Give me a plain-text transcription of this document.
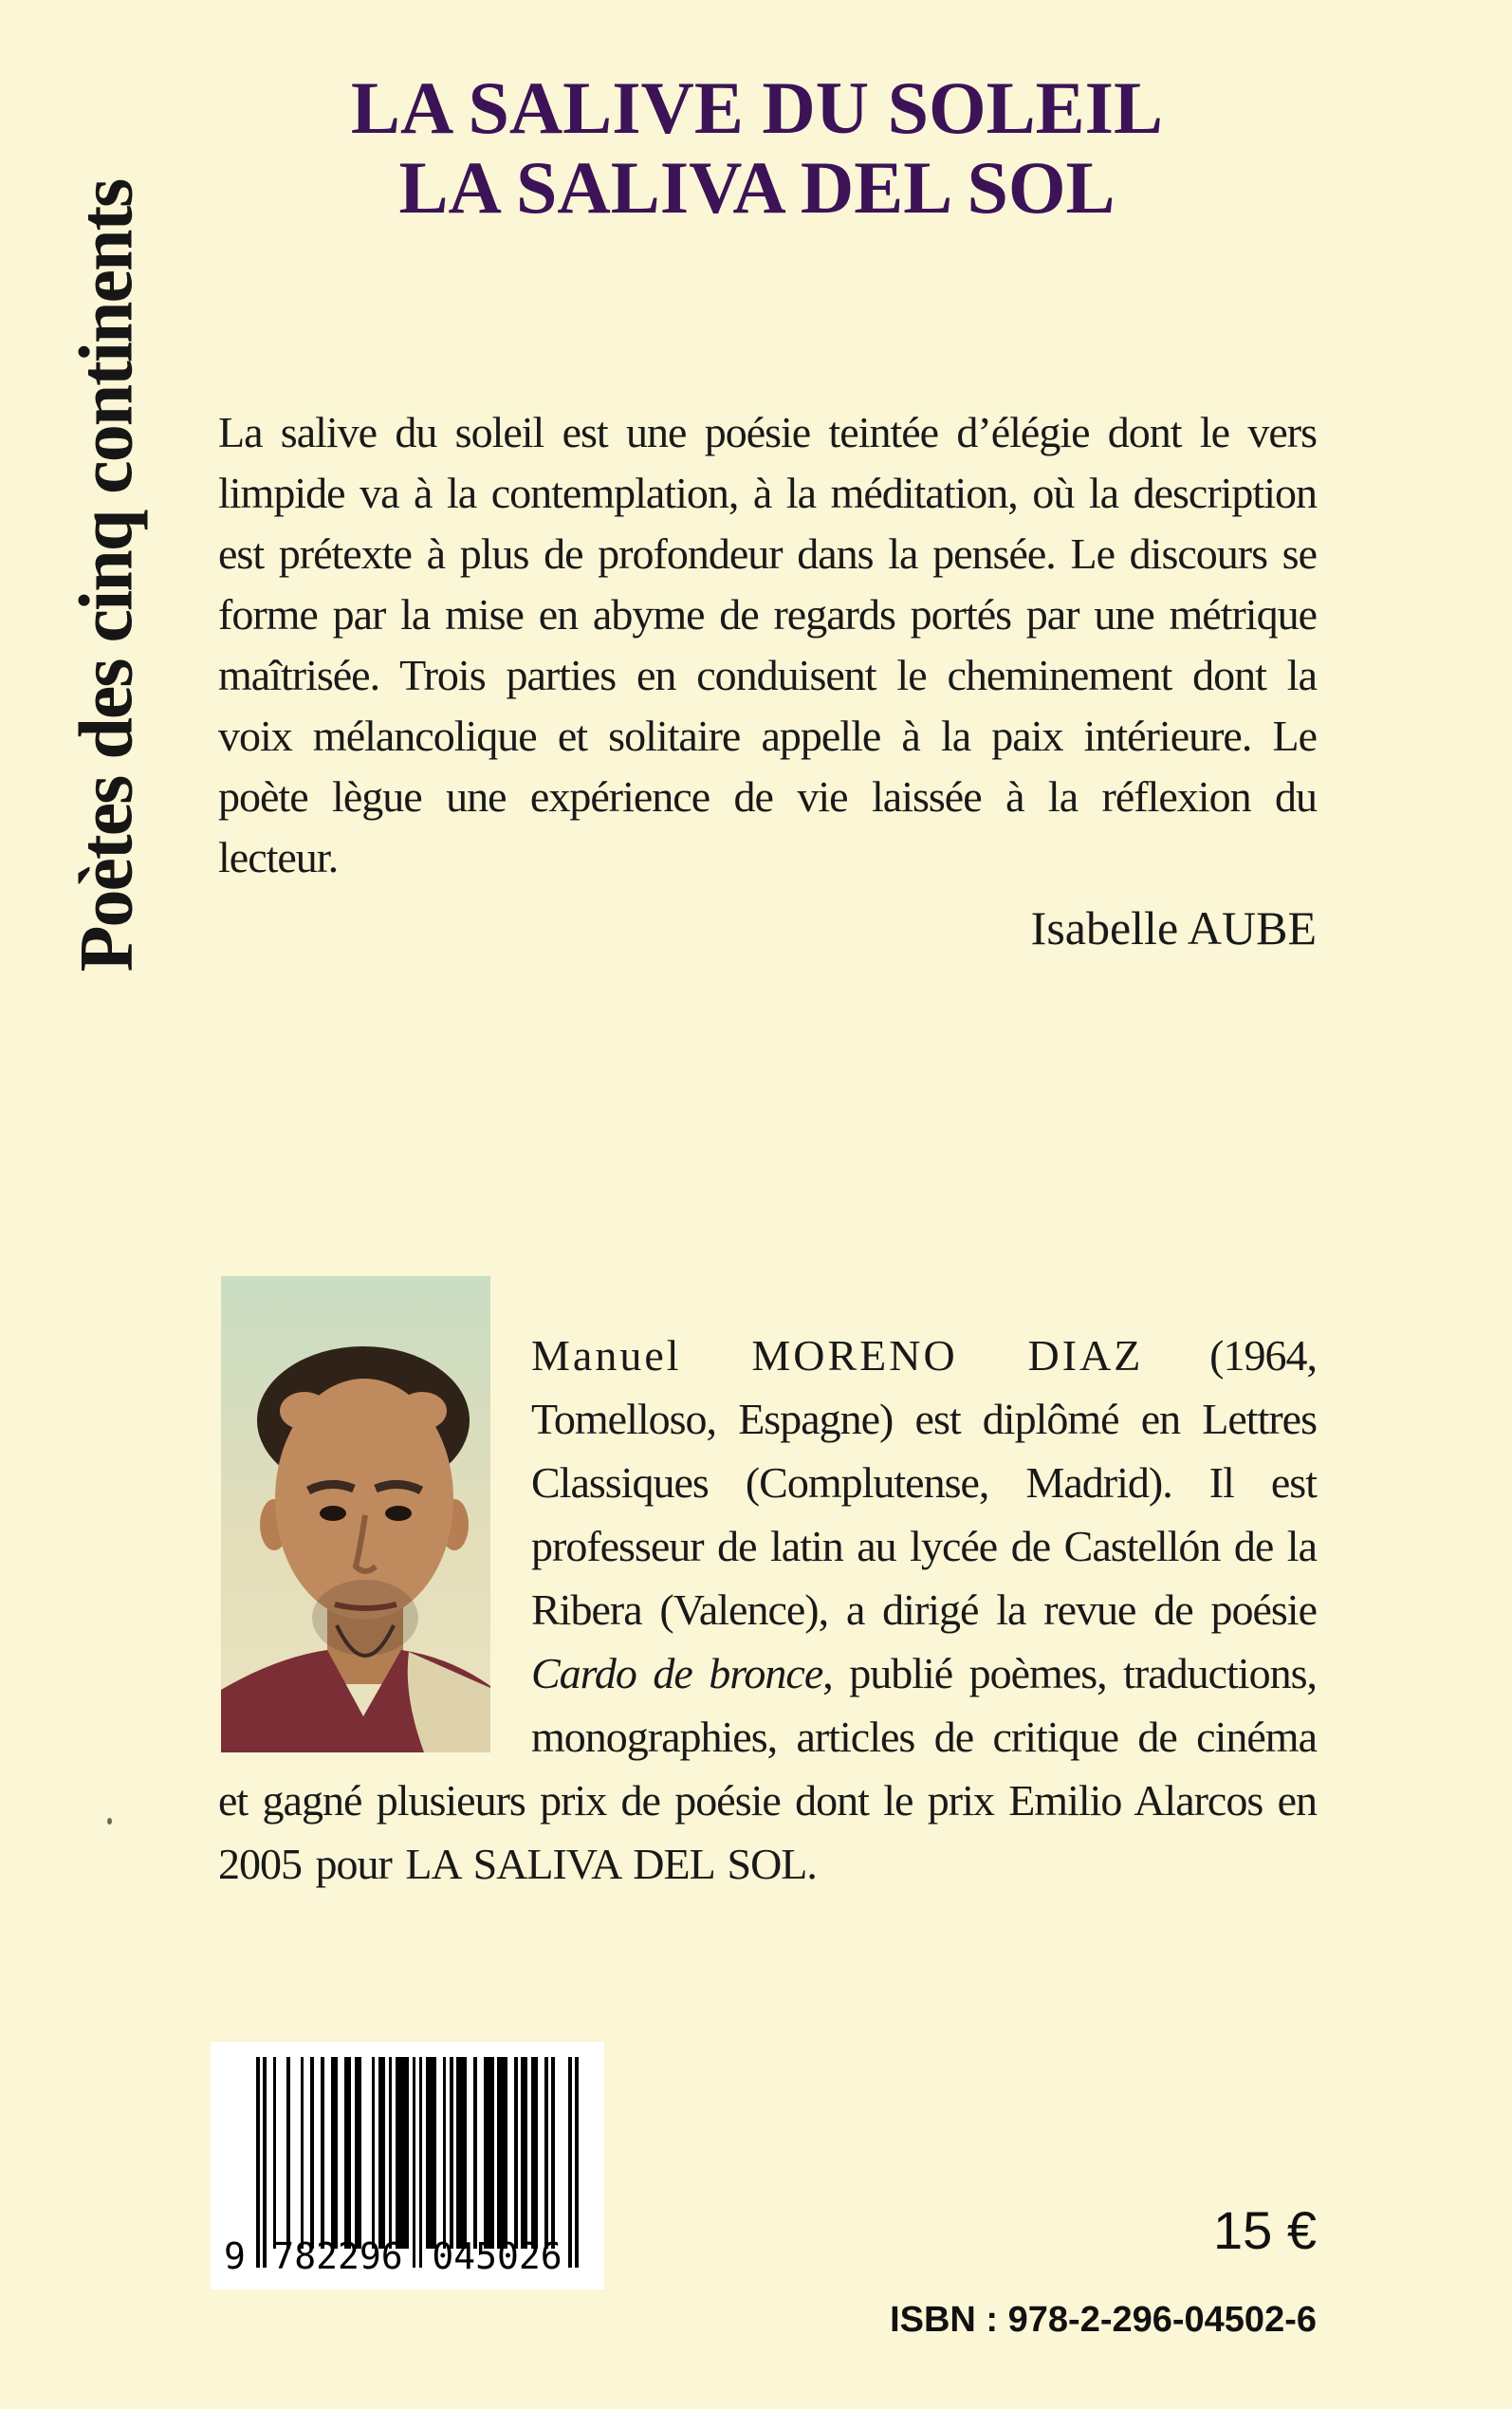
Poètes des cinq continents
LA SALIVE DU SOLEIL
LA SALIVA DEL SOL

La salive du soleil est une poésie teintée d’élégie dont le vers limpide va à la contemplation, à la méditation, où la description est prétexte à plus de profondeur dans la pensée. Le discours se forme par la mise en abyme de regards portés par une métrique maîtrisée. Trois parties en conduisent le cheminement dont la voix mélancolique et solitaire appelle à la paix intérieure. Le poète lègue une expérience de vie laissée à la réflexion du lecteur.

Isabelle AUBE
Manuel MORENO DIAZ (1964, Tomelloso, Espagne) est diplômé en Lettres Classiques (Complutense, Madrid). Il est professeur de latin au lycée de Castellón de la Ribera (Valence), a dirigé la revue de poésie Cardo de bronce, publié poèmes, traductions, monographies, articles de critique de cinéma et gagné plusieurs prix de poésie dont le prix Emilio Alarcos en 2005 pour LA SALIVA DEL SOL.
9 782296 045026	15 €
ISBN : 978-2-296-04502-6
